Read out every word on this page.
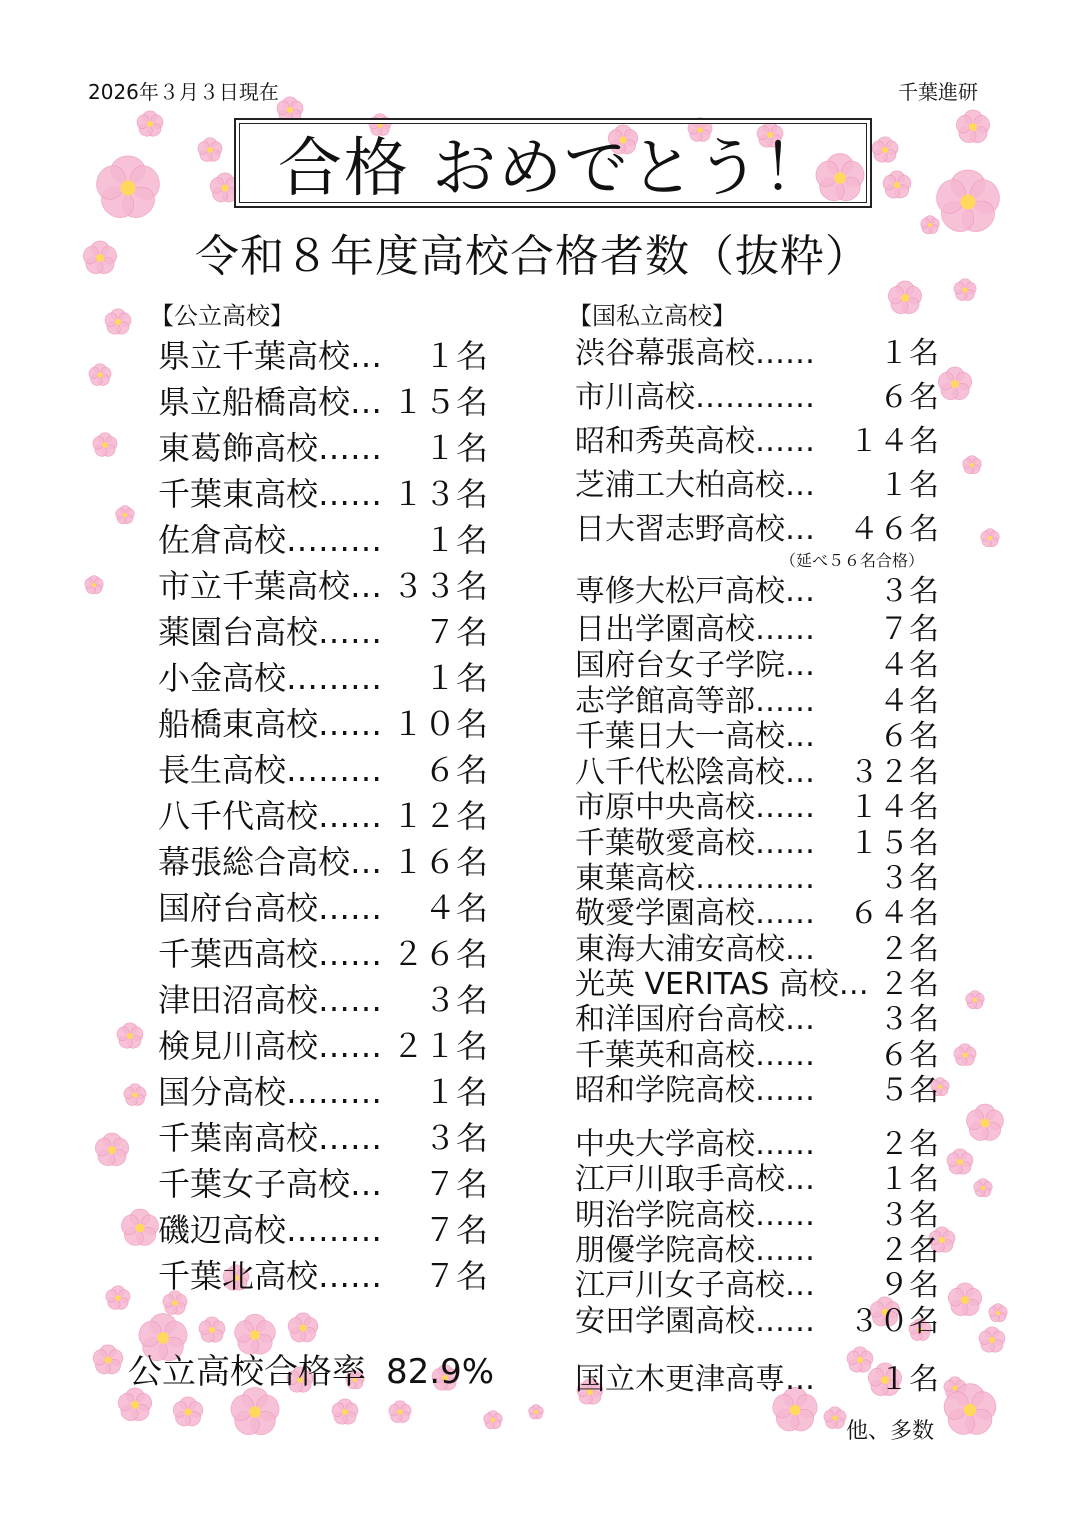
2026年３月３日現在	千葉進研
合格 おめでとう！
令和８年度高校合格者数（抜粋）
【公立高校】	【国私立高校】
県立千葉高校… １名
県立船橋高校… １５名
東葛飾高校…… １名
千葉東高校…… １３名
佐倉高校……… １名
市立千葉高校… ３３名
薬園台高校…… ７名
小金高校……… １名
船橋東高校…… １０名
長生高校……… ６名
八千代高校…… １２名
幕張総合高校… １６名
国府台高校…… ４名
千葉西高校…… ２６名
津田沼高校…… ３名
検見川高校…… ２１名
国分高校……… １名
千葉南高校…… ３名
千葉女子高校… ７名
磯辺高校……… ７名
千葉北高校…… ７名
渋谷幕張高校…… １名
市川高校………… ６名
昭和秀英高校…… １４名
芝浦工大柏高校… １名
日大習志野高校… ４６名
専修大松戸高校… ３名
日出学園高校…… ７名
国府台女子学院… ４名
志学館高等部…… ４名
千葉日大一高校… ６名
八千代松陰高校… ３２名
市原中央高校…… １４名
千葉敬愛高校…… １５名
東葉高校………… ３名
敬愛学園高校…… ６４名
東海大浦安高校… ２名
光英 VERITAS 高校… ２名
和洋国府台高校… ３名
千葉英和高校…… ６名
昭和学院高校…… ５名
中央大学高校…… ２名
江戸川取手高校… １名
明治学院高校…… ３名
朋優学院高校…… ２名
江戸川女子高校… ９名
安田学園高校…… ３０名
国立木更津高専… １名
（延べ５６名合格）
公立高校合格率 82.9%
他、多数
